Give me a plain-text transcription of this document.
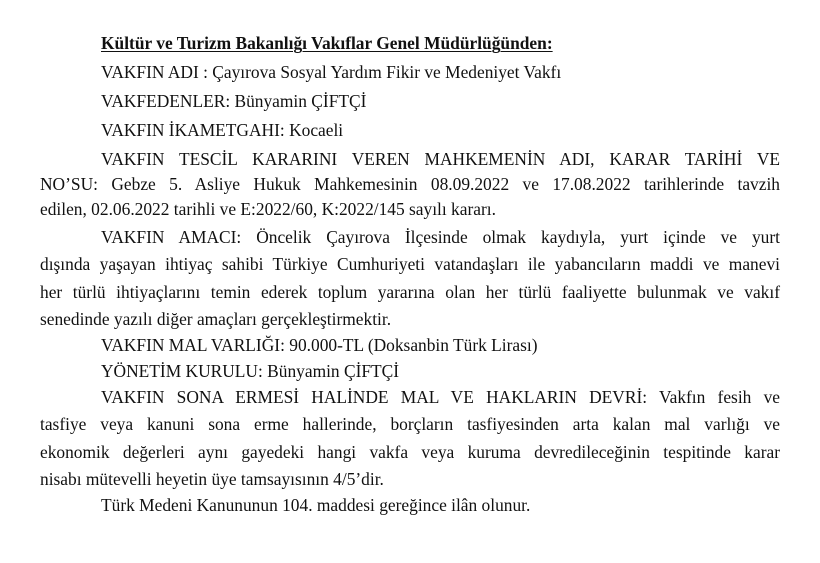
Kültür ve Turizm Bakanlığı Vakıflar Genel Müdürlüğünden:
VAKFIN ADI : Çayırova Sosyal Yardım Fikir ve Medeniyet Vakfı
VAKFEDENLER: Bünyamin ÇİFTÇİ
VAKFIN İKAMETGAHI: Kocaeli
VAKFIN TESCİL KARARINI VEREN MAHKEMENİN ADI, KARAR TARİHİ VE
NO’SU: Gebze 5. Asliye Hukuk Mahkemesinin 08.09.2022 ve 17.08.2022 tarihlerinde tavzih
edilen, 02.06.2022 tarihli ve E:2022/60, K:2022/145 sayılı kararı.
VAKFIN AMACI: Öncelik Çayırova İlçesinde olmak kaydıyla, yurt içinde ve yurt
dışında yaşayan ihtiyaç sahibi Türkiye Cumhuriyeti vatandaşları ile yabancıların maddi ve manevi
her türlü ihtiyaçlarını temin ederek toplum yararına olan her türlü faaliyette bulunmak ve vakıf
senedinde yazılı diğer amaçları gerçekleştirmektir.
VAKFIN MAL VARLIĞI: 90.000-TL (Doksanbin Türk Lirası)
YÖNETİM KURULU: Bünyamin ÇİFTÇİ
VAKFIN SONA ERMESİ HALİNDE MAL VE HAKLARIN DEVRİ: Vakfın fesih ve
tasfiye veya kanuni sona erme hallerinde, borçların tasfiyesinden arta kalan mal varlığı ve
ekonomik değerleri aynı gayedeki hangi vakfa veya kuruma devredileceğinin tespitinde karar
nisabı mütevelli heyetin üye tamsayısının 4/5’dir.
Türk Medeni Kanununun 104. maddesi gereğince ilân olunur.
